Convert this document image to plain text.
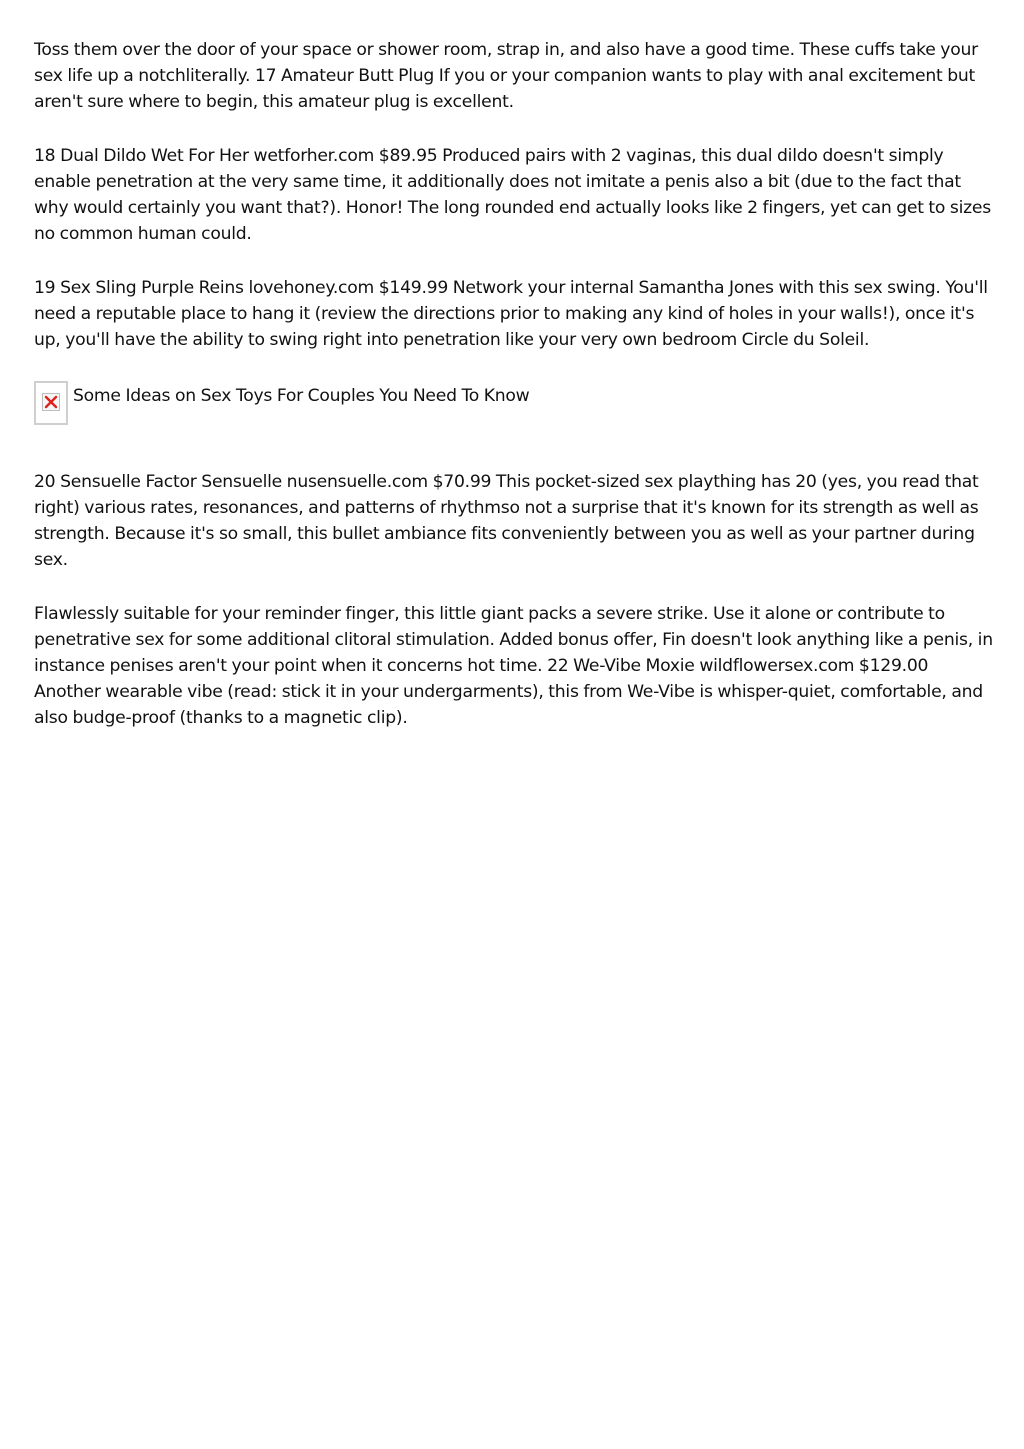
Toss them over the door of your space or shower room, strap in, and also have a good time. These cuffs take your sex life up a notchliterally. 17 Amateur Butt Plug If you or your companion wants to play with anal excitement but aren't sure where to begin, this amateur plug is excellent.

18 Dual Dildo Wet For Her wetforher.com $89.95 Produced pairs with 2 vaginas, this dual dildo doesn't simply enable penetration at the very same time, it additionally does not imitate a penis also a bit (due to the fact that why would certainly you want that?). Honor! The long rounded end actually looks like 2 fingers, yet can get to sizes no common human could.

19 Sex Sling Purple Reins lovehoney.com $149.99 Network your internal Samantha Jones with this sex swing. You'll need a reputable place to hang it (review the directions prior to making any kind of holes in your walls!), once it's up, you'll have the ability to swing right into penetration like your very own bedroom Circle du Soleil.

Some Ideas on Sex Toys For Couples You Need To Know

20 Sensuelle Factor Sensuelle nusensuelle.com $70.99 This pocket-sized sex plaything has 20 (yes, you read that right) various rates, resonances, and patterns of rhythmso not a surprise that it's known for its strength as well as strength. Because it's so small, this bullet ambiance fits conveniently between you as well as your partner during sex.

Flawlessly suitable for your reminder finger, this little giant packs a severe strike. Use it alone or contribute to penetrative sex for some additional clitoral stimulation. Added bonus offer, Fin doesn't look anything like a penis, in instance penises aren't your point when it concerns hot time. 22 We-Vibe Moxie wildflowersex.com $129.00 Another wearable vibe (read: stick it in your undergarments), this from We-Vibe is whisper-quiet, comfortable, and also budge-proof (thanks to a magnetic clip).
